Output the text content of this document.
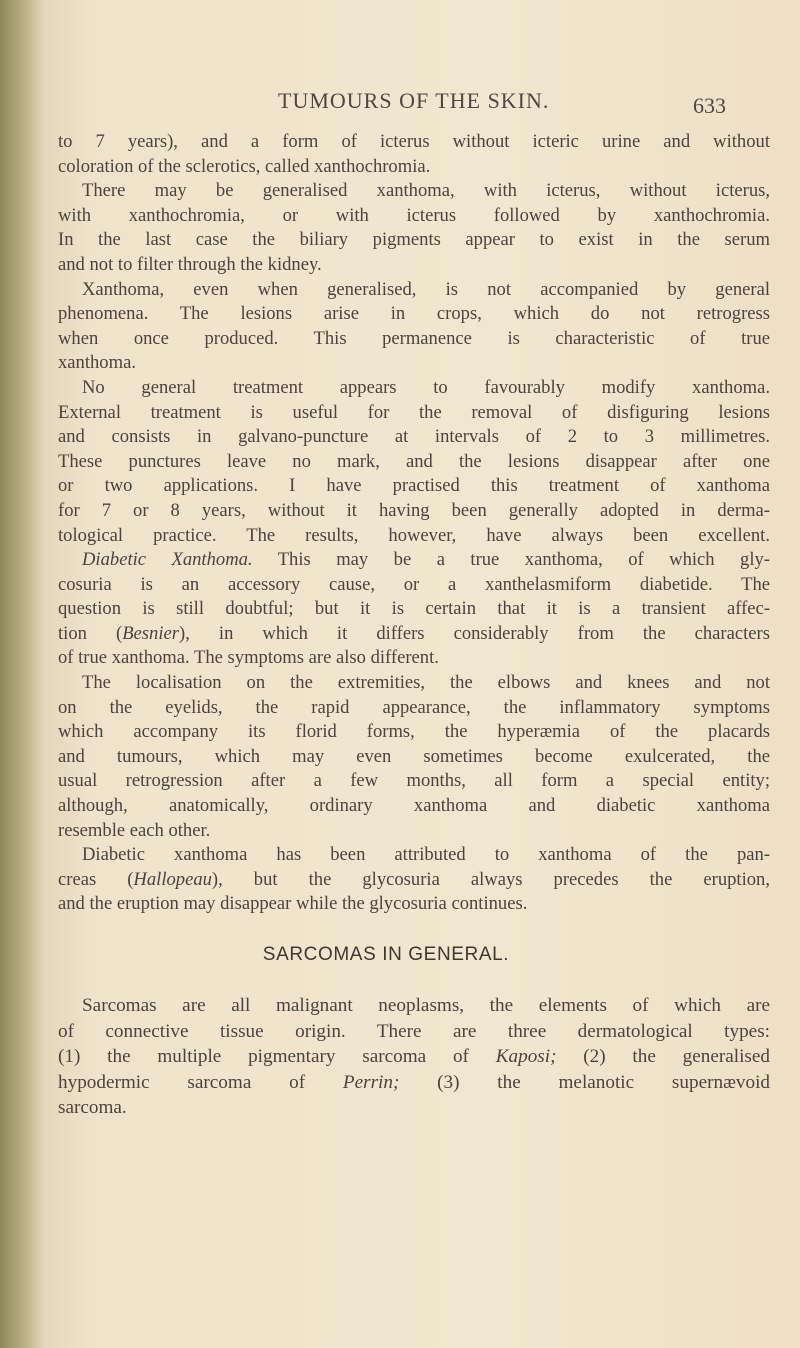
TUMOURS OF THE SKIN.	633
to 7 years), and a form of icterus without icteric urine and without
coloration of the sclerotics, called xanthochromia.
There may be generalised xanthoma, with icterus, without icterus,
with xanthochromia, or with icterus followed by xanthochromia.
In the last case the biliary pigments appear to exist in the serum
and not to filter through the kidney.
Xanthoma, even when generalised, is not accompanied by general
phenomena. The lesions arise in crops, which do not retrogress
when once produced. This permanence is characteristic of true
xanthoma.
No general treatment appears to favourably modify xanthoma.
External treatment is useful for the removal of disfiguring lesions
and consists in galvano-puncture at intervals of 2 to 3 millimetres.
These punctures leave no mark, and the lesions disappear after one
or two applications. I have practised this treatment of xanthoma
for 7 or 8 years, without it having been generally adopted in derma-
tological practice. The results, however, have always been excellent.
Diabetic Xanthoma. This may be a true xanthoma, of which gly-
cosuria is an accessory cause, or a xanthelasmiform diabetide. The
question is still doubtful; but it is certain that it is a transient affec-
tion (Besnier), in which it differs considerably from the characters
of true xanthoma. The symptoms are also different.
The localisation on the extremities, the elbows and knees and not
on the eyelids, the rapid appearance, the inflammatory symptoms
which accompany its florid forms, the hyperæmia of the placards
and tumours, which may even sometimes become exulcerated, the
usual retrogression after a few months, all form a special entity;
although, anatomically, ordinary xanthoma and diabetic xanthoma
resemble each other.
Diabetic xanthoma has been attributed to xanthoma of the pan-
creas (Hallopeau), but the glycosuria always precedes the eruption,
and the eruption may disappear while the glycosuria continues.
SARCOMAS IN GENERAL.
Sarcomas are all malignant neoplasms, the elements of which are
of connective tissue origin. There are three dermatological types:
(1) the multiple pigmentary sarcoma of Kaposi; (2) the generalised
hypodermic sarcoma of Perrin; (3) the melanotic supernævoid
sarcoma.
